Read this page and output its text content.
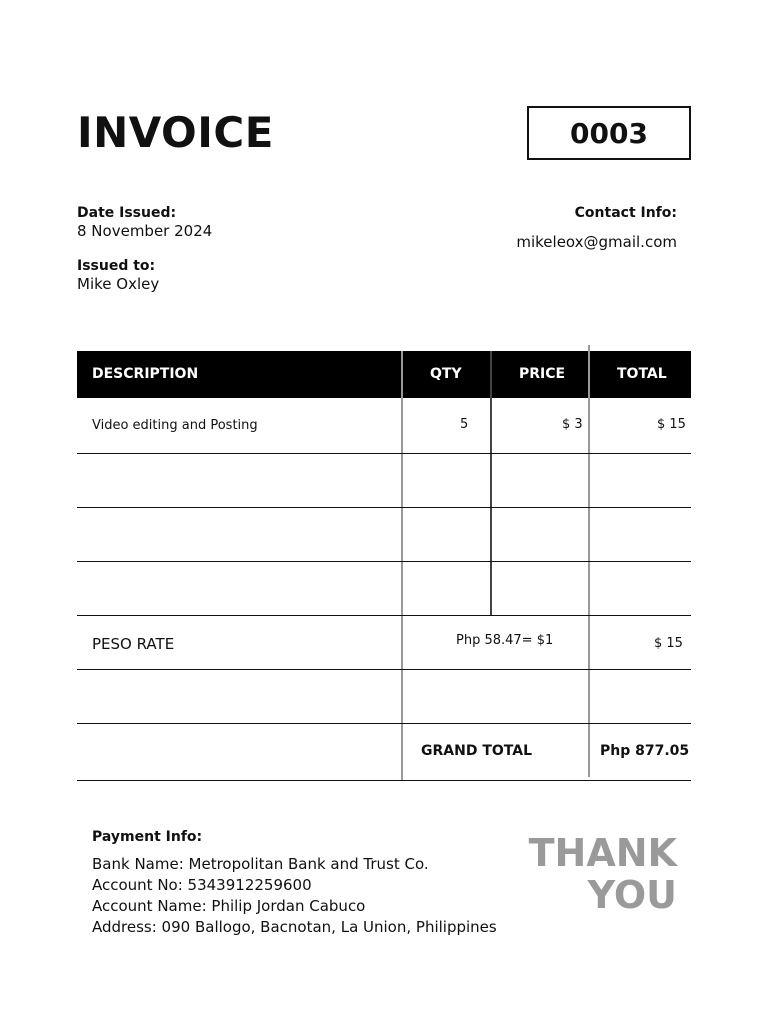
INVOICE	0003
Date Issued:
8 November 2024
Issued to:
Mike Oxley
Contact Info:
mikeleox@gmail.com
DESCRIPTION	QTY	PRICE	TOTAL
Video editing and Posting	5	$ 3	$ 15
PESO RATE	Php 58.47= $1	$ 15
GRAND TOTAL	Php 877.05
Payment Info:
Bank Name: Metropolitan Bank and Trust Co.
Account No: 5343912259600
Account Name: Philip Jordan Cabuco
Address: 090 Ballogo, Bacnotan, La Union, Philippines
THANK
YOU
